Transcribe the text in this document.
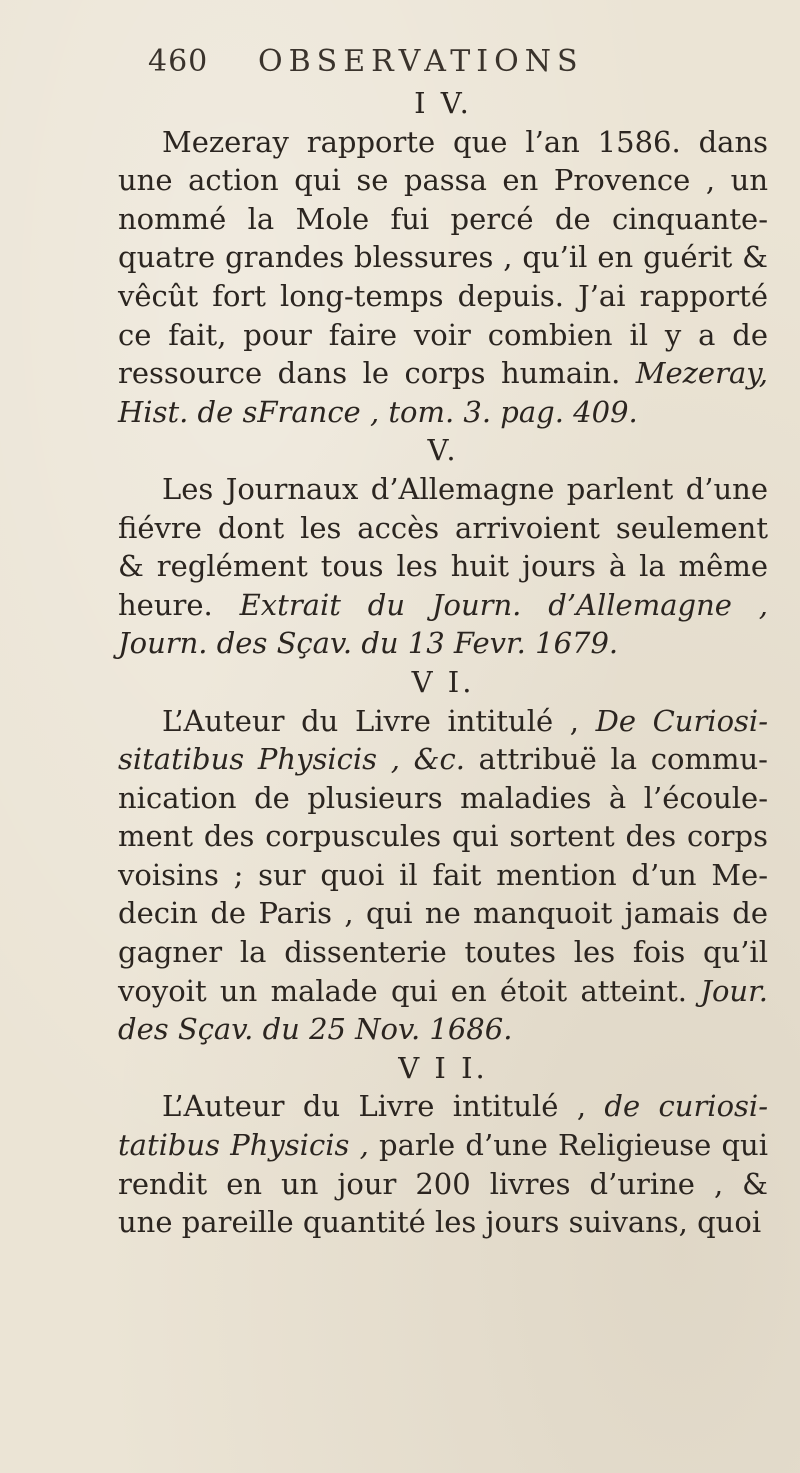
460 OBSERVATIONS
I V.
Mezeray rapporte que l’an 1586. dans
une action qui se passa en Provence , un
nommé la Mole fui percé de cinquante-
quatre grandes blessures , qu’il en guérit &
vêcût fort long-temps depuis. J’ai rapporté
ce fait, pour faire voir combien il y a de
ressource dans le corps humain. Mezeray,
Hist. de sFrance , tom. 3. pag. 409.
V.
Les Journaux d’Allemagne parlent d’une
fiévre dont les accès arrivoient seulement
& reglément tous les huit jours à la même
heure. Extrait du Journ. d’Allemagne ,
Journ. des Sçav. du 13 Fevr. 1679.
V I.
L’Auteur du Livre intitulé , De Curiosi-
sitatibus Physicis , &c. attribuë la commu-
nication de plusieurs maladies à l’écoule-
ment des corpuscules qui sortent des corps
voisins ; sur quoi il fait mention d’un Me-
decin de Paris , qui ne manquoit jamais de
gagner la dissenterie toutes les fois qu’il
voyoit un malade qui en étoit atteint. Jour.
des Sçav. du 25 Nov. 1686.
V I I.
L’Auteur du Livre intitulé , de curiosi-
tatibus Physicis , parle d’une Religieuse qui
rendit en un jour 200 livres d’urine , &
une pareille quantité les jours suivans, quoi
